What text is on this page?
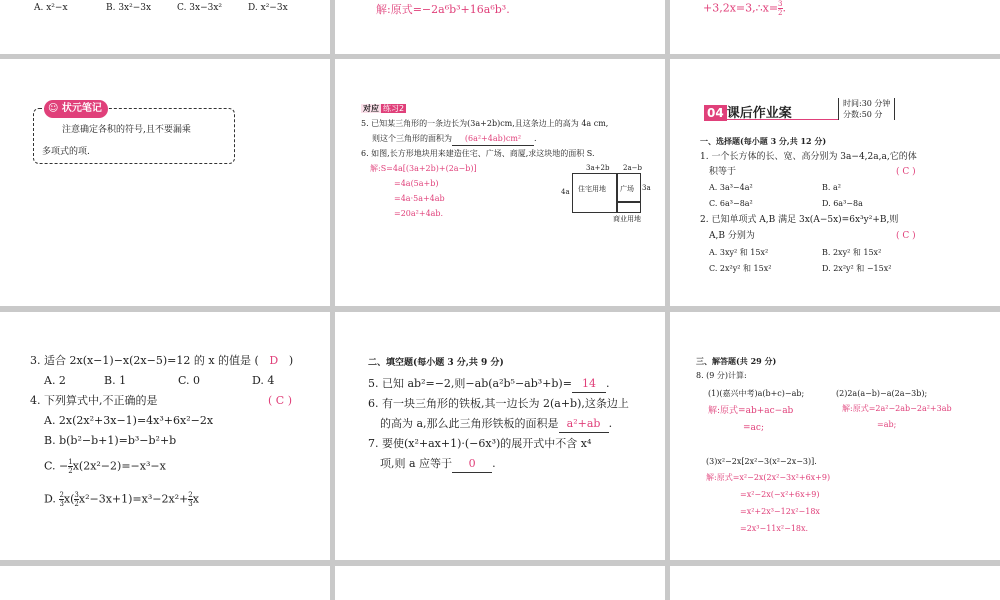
A. x²−x	B. 3x²−3x	C. 3x−3x²	D. x²−3x	解:原式=−2a⁶b³+16a⁶b³.	+3,2x=3,∴x= $\frac{3}{2}$ .
☺ 状元笔记
注意确定各积的符号,且不要漏乘
多项式的项.
对应 练习2
5. 已知某三角形的一条边长为(3a+2b)cm,且这条边上的高为 4a cm,
则这个三角形的面积为 (6a²+4ab)cm² .
6. 如图,长方形地块用来建造住宅、广场、商厦,求这块地的面积 S.
解:S=4a[(3a+2b)+(2a−b)]
=4a(5a+b)
=4a·5a+4ab
=20a²+4ab.
3a+2b 2a−b
住宅用地 广场
4a	3a
商业用地
04 课后作业案
时间:30 分钟
分数:50 分
一、选择题(每小题 3 分,共 12 分)
1. 一个长方体的长、宽、高分别为 3a−4,2a,a,它的体
积等于	( C )
A. 3a³−4a²	B. a²
C. 6a³−8a²	D. 6a³−8a
2. 已知单项式 A,B 满足 3x(A−5x)=6x³y²+B,则
A,B 分别为	( C )
A. 3xy² 和 15x²	B. 2xy² 和 15x²
C. 2x²y² 和 15x²	D. 2x²y² 和 −15x²
3. 适合 2x(x−1)−x(2x−5)=12 的 x 的值是 ( D )
A. 2	B. 1	C. 0	D. 4
4. 下列算式中,不正确的是	( C )
A. 2x(2x²+3x−1)=4x³+6x²−2x
B. b(b²−b+1)=b³−b²+b
C. − $\frac{1}{2} x(2x^2-2)=-x^3-x$
D. $\frac{2}{3} x( \frac{3}{2} x^2-3x+1)=x^3-2x^2+ \frac{2}{3}$ x
二、填空题(每小题 3 分,共 9 分)
5. 已知 ab²=−2,则−ab(a²b⁵−ab³+b)= 14 .
6. 有一块三角形的铁板,其一边长为 2(a+b),这条边上
的高为 a,那么此三角形铁板的面积是 a²+ab .
7. 要使(x²+ax+1)·(−6x³)的展开式中不含 x⁴
项,则 a 应等于 0 .
三、解答题(共 29 分)
8. (9 分)计算:
(1)(嘉兴中考)a(b+c)−ab;	(2)2a(a−b)−a(2a−3b);
解:原式=ab+ac−ab
=ac;
解:原式=2a²−2ab−2a²+3ab
=ab;
(3)x²−2x[2x²−3(x²−2x−3)].
解:原式=x²−2x(2x²−3x²+6x+9)
=x²−2x(−x²+6x+9)
=x²+2x³−12x²−18x
=2x³−11x²−18x.
